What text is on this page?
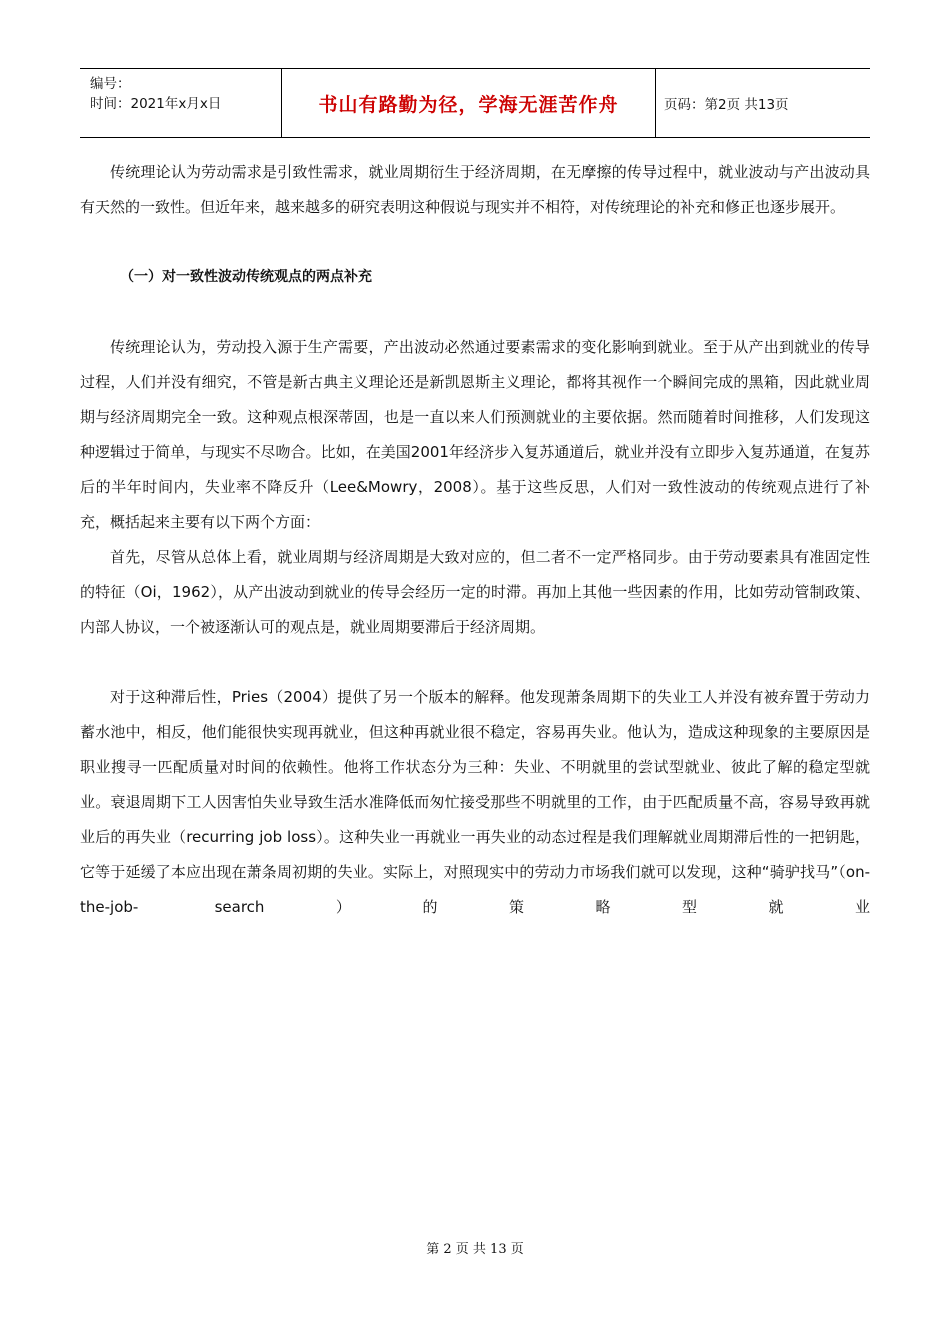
编号：
时间：2021年x月x日	书山有路勤为径，学海无涯苦作舟	页码：第2页 共13页

传统理论认为劳动需求是引致性需求，就业周期衍生于经济周期，在无摩擦的传导过程中，就业波动与产出波动具有天然的一致性。但近年来，越来越多的研究表明这种假说与现实并不相符，对传统理论的补充和修正也逐步展开。

（一）对一致性波动传统观点的两点补充

传统理论认为，劳动投入源于生产需要，产出波动必然通过要素需求的变化影响到就业。至于从产出到就业的传导过程，人们并没有细究，不管是新古典主义理论还是新凯恩斯主义理论，都将其视作一个瞬间完成的黑箱，因此就业周期与经济周期完全一致。这种观点根深蒂固，也是一直以来人们预测就业的主要依据。然而随着时间推移，人们发现这种逻辑过于简单，与现实不尽吻合。比如，在美国2001年经济步入复苏通道后，就业并没有立即步入复苏通道，在复苏后的半年时间内，失业率不降反升（Lee&Mowry，2008）。基于这些反思，人们对一致性波动的传统观点进行了补充，概括起来主要有以下两个方面：

首先，尽管从总体上看，就业周期与经济周期是大致对应的，但二者不一定严格同步。由于劳动要素具有准固定性的特征（Oi，1962），从产出波动到就业的传导会经历一定的时滞。再加上其他一些因素的作用，比如劳动管制政策、内部人协议，一个被逐渐认可的观点是，就业周期要滞后于经济周期。

对于这种滞后性，Pries（2004）提供了另一个版本的解释。他发现萧条周期下的失业工人并没有被弃置于劳动力蓄水池中，相反，他们能很快实现再就业，但这种再就业很不稳定，容易再失业。他认为，造成这种现象的主要原因是职业搜寻一匹配质量对时间的依赖性。他将工作状态分为三种：失业、不明就里的尝试型就业、彼此了解的稳定型就业。衰退周期下工人因害怕失业导致生活水准降低而匆忙接受那些不明就里的工作，由于匹配质量不高，容易导致再就业后的再失业（recurring job loss）。这种失业一再就业一再失业的动态过程是我们理解就业周期滞后性的一把钥匙，它等于延缓了本应出现在萧条周初期的失业。实际上，对照现实中的劳动力市场我们就可以发现，这种“骑驴找马”（on- the-job- search）的策略型就业

第 2 页 共 13 页
